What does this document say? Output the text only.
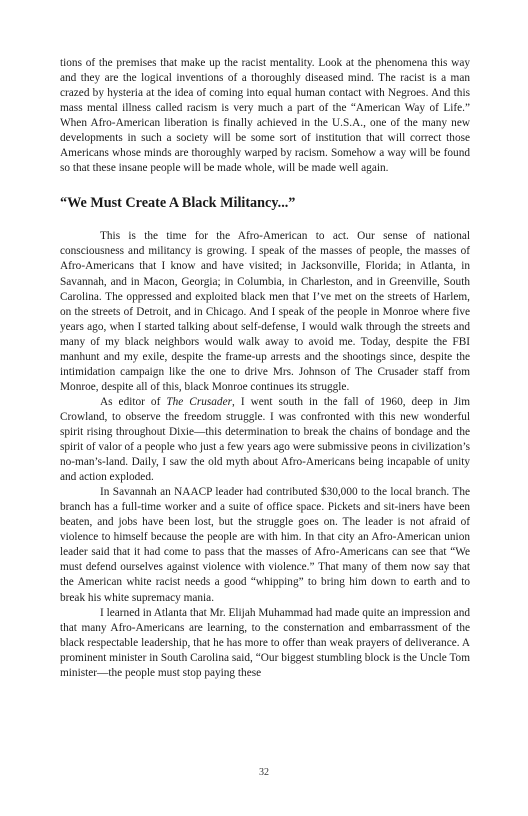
tions of the premises that make up the racist mentality. Look at the phenomena this way and they are the logical inventions of a thoroughly diseased mind. The racist is a man crazed by hysteria at the idea of coming into equal human contact with Negroes. And this mass mental illness called racism is very much a part of the “American Way of Life.” When Afro-American liberation is finally achieved in the U.S.A., one of the many new developments in such a society will be some sort of institution that will correct those Americans whose minds are thoroughly warped by racism. Somehow a way will be found so that these insane people will be made whole, will be made well again.

“We Must Create A Black Militancy...”

This is the time for the Afro-American to act. Our sense of national consciousness and militancy is growing. I speak of the masses of people, the masses of Afro-Americans that I know and have visited; in Jacksonville, Florida; in Atlanta, in Savannah, and in Macon, Georgia; in Columbia, in Charleston, and in Greenville, South Carolina. The oppressed and exploited black men that I’ve met on the streets of Harlem, on the streets of Detroit, and in Chicago. And I speak of the people in Monroe where five years ago, when I started talking about self-defense, I would walk through the streets and many of my black neighbors would walk away to avoid me. Today, despite the FBI manhunt and my exile, despite the frame-up arrests and the shootings since, despite the intimidation campaign like the one to drive Mrs. Johnson of The Crusader staff from Monroe, despite all of this, black Monroe continues its struggle.

As editor of The Crusader, I went south in the fall of 1960, deep in Jim Crowland, to observe the freedom struggle. I was confronted with this new wonderful spirit rising throughout Dixie—this determination to break the chains of bondage and the spirit of valor of a people who just a few years ago were submissive peons in civilization’s no-man’s-land. Daily, I saw the old myth about Afro-Americans being incapable of unity and action exploded.

In Savannah an NAACP leader had contributed $30,000 to the local branch. The branch has a full-time worker and a suite of office space. Pickets and sit-iners have been beaten, and jobs have been lost, but the struggle goes on. The leader is not afraid of violence to himself because the people are with him. In that city an Afro-American union leader said that it had come to pass that the masses of Afro-Americans can see that “We must defend ourselves against violence with violence.” That many of them now say that the American white racist needs a good “whipping” to bring him down to earth and to break his white supremacy mania.

I learned in Atlanta that Mr. Elijah Muhammad had made quite an impression and that many Afro-Americans are learning, to the consternation and embarrassment of the black respectable leadership, that he has more to offer than weak prayers of deliverance. A prominent minister in South Carolina said, “Our biggest stumbling block is the Uncle Tom minister—the people must stop paying these

32
